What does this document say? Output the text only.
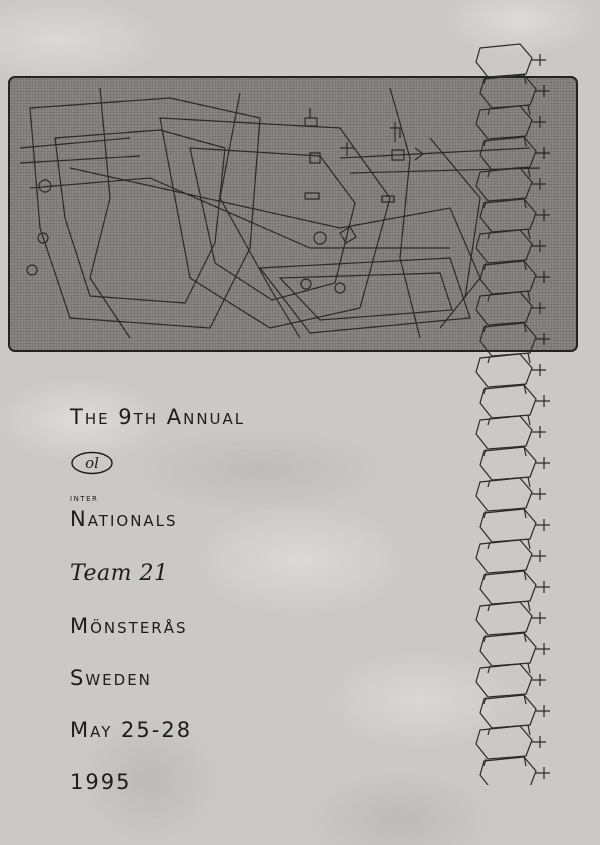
The 9th Annual
ol
inter
Nationals
Team 21
Mönsterås
Sweden
May 25-28
1995
